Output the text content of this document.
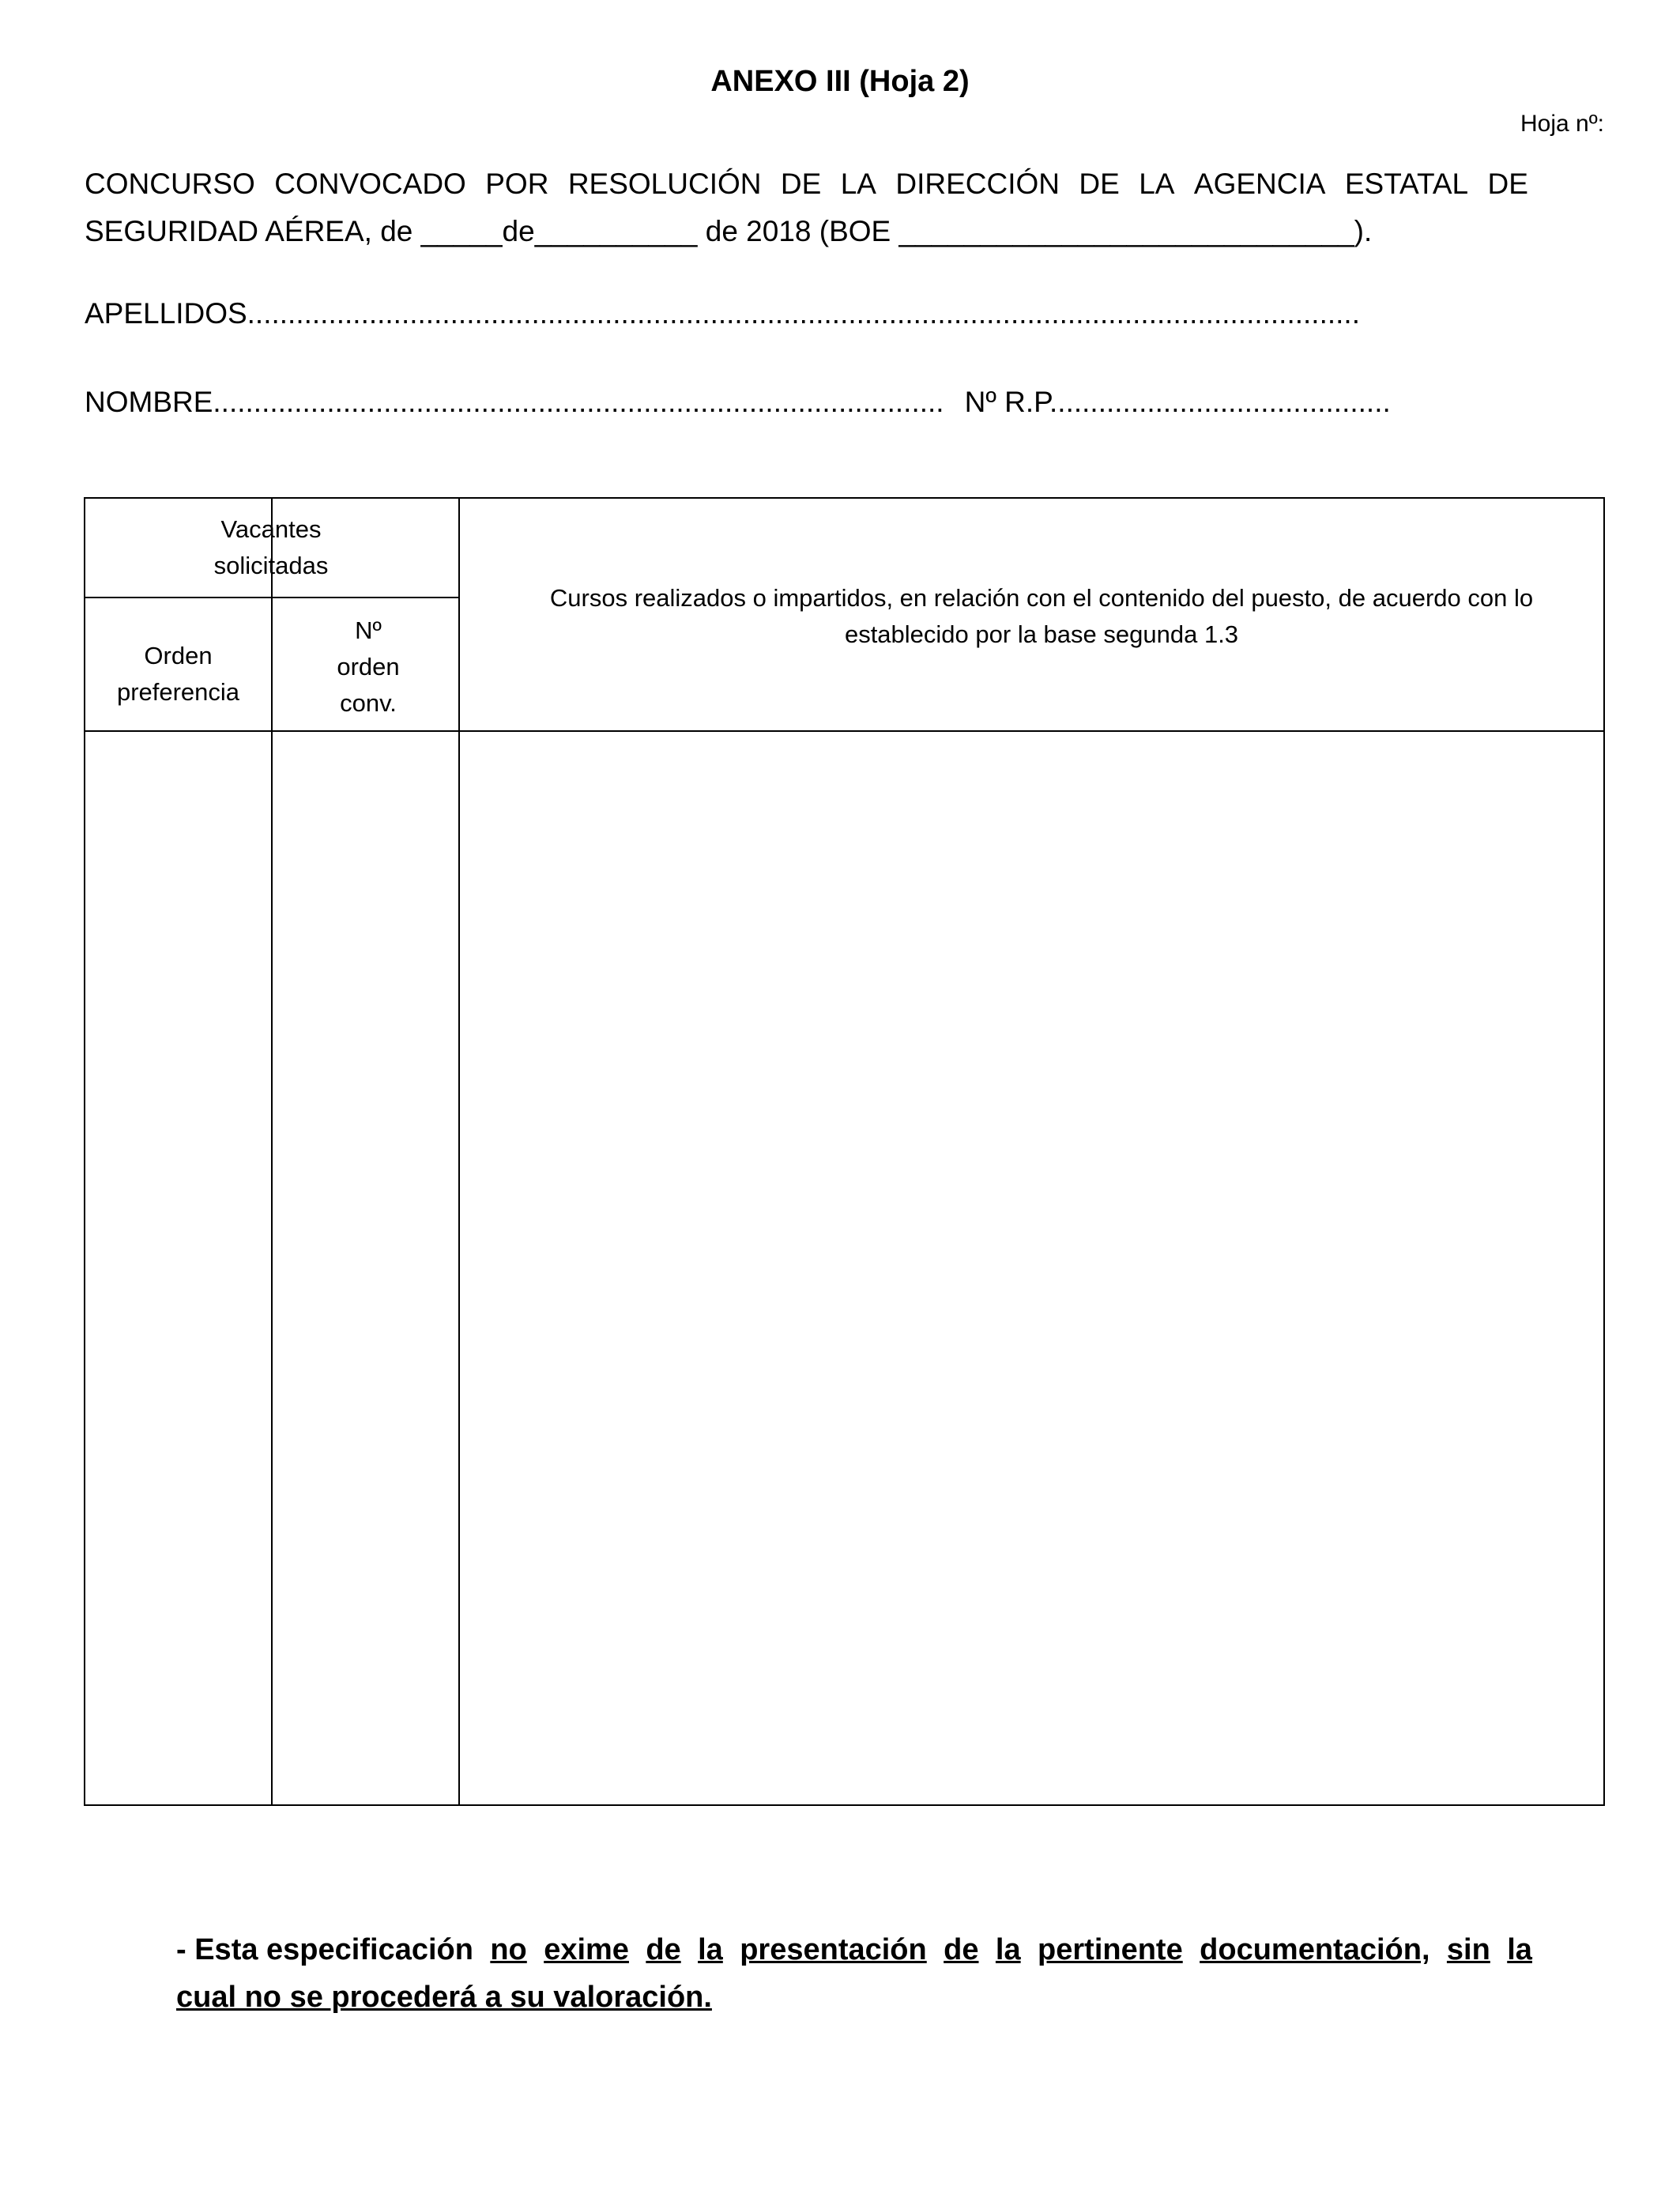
ANEXO III (Hoja 2)
Hoja nº:
CONCURSO CONVOCADO POR RESOLUCIÓN DE LA DIRECCIÓN DE LA AGENCIA ESTATAL DE
SEGURIDAD AÉREA, de _____de__________ de 2018 (BOE ____________________________).
APELLIDOS.........................................................................................................................................
NOMBRE.......................................................................................... Nº R.P..........................................
Vacantes solicitadas
Orden preferencia
Nº orden conv.
Cursos realizados o impartidos, en relación con el contenido del puesto, de acuerdo con lo establecido por la base segunda 1.3
- Esta especificación no exime de la presentación de la pertinente documentación, sin la
cual no se procederá a su valoración.
